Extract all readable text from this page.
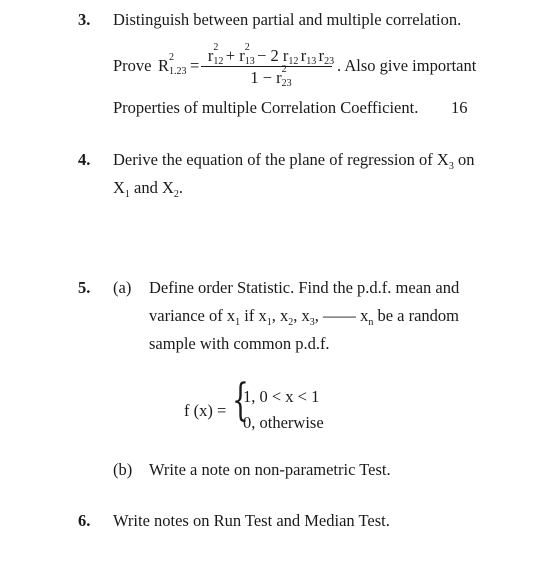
3. Distinguish between partial and multiple correlation.
Prove R 2
1.23 =
r 2
12 + r 2
13 − 2 r 12 r 13 r 23
1 − r 2
23
. Also give important
Properties of multiple Correlation Coefficient. 16
4. Derive the equation of the plane of regression of $X_3$ on
$X_1$ and $X_2$.
5. (a) Define order Statistic. Find the p.d.f. mean and
variance of $x_1$ if $x_1$, $x_2$, $x_3$, —— $x_n$ be a random
sample with common p.d.f.
f (x) = {
1, 0 < x < 1
0, otherwise
(b) Write a note on non-parametric Test.
6. Write notes on Run Test and Median Test.
